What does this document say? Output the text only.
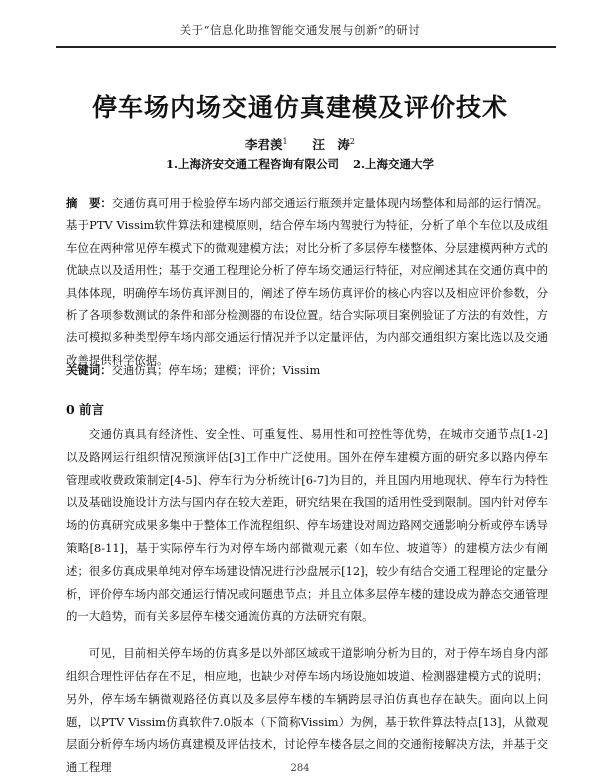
关于“信息化助推智能交通发展与创新”的研讨
停车场内场交通仿真建模及评价技术
李君羡$^1$ 汪　涛$^2$
1.上海济安交通工程咨询有限公司 2.上海交通大学
摘　要：交通仿真可用于检验停车场内部交通运行瓶颈并定量体现内场整体和局部的运行情况。基于PTV Vissim软件算法和建模原则，结合停车场内驾驶行为特征，分析了单个车位以及成组车位在两种常见停车模式下的微观建模方法；对比分析了多层停车楼整体、分层建模两种方式的优缺点以及适用性；基于交通工程理论分析了停车场交通运行特征，对应阐述其在交通仿真中的具体体现，明确停车场仿真评测目的，阐述了停车场仿真评价的核心内容以及相应评价参数，分析了各项参数测试的条件和部分检测器的布设位置。结合实际项目案例验证了方法的有效性，方法可模拟多种类型停车场内部交通运行情况并予以定量评估，为内部交通组织方案比选以及交通改善提供科学依据。
关键词：交通仿真；停车场；建模；评价；Vissim
0 前言

交通仿真具有经济性、安全性、可重复性、易用性和可控性等优势，在城市交通节点[1-2]以及路网运行组织情况预演评估[3]工作中广泛使用。国外在停车建模方面的研究多以路内停车管理或收费政策制定[4-5]、停车行为分析统计[6-7]为目的，并且国内用地现状、停车行为特性以及基础设施设计方法与国内存在较大差距，研究结果在我国的适用性受到限制。国内针对停车场的仿真研究成果多集中于整体工作流程组织、停车场建设对周边路网交通影响分析或停车诱导策略[8-11]，基于实际停车行为对停车场内部微观元素（如车位、坡道等）的建模方法少有阐述；很多仿真成果单纯对停车场建设情况进行沙盘展示[12]，较少有结合交通工程理论的定量分析，评价停车场内部交通运行情况或问题患节点；并且立体多层停车楼的建设成为静态交通管理的一大趋势，而有关多层停车楼交通流仿真的方法研究有限。

可见，目前相关停车场的仿真多是以外部区域或干道影响分析为目的，对于停车场自身内部组织合理性评估存在不足，相应地，也缺少对停车场内场设施如坡道、检测器建模方式的说明；另外，停车场车辆微观路径仿真以及多层停车楼的车辆跨层寻泊仿真也存在缺失。面向以上问题，以PTV Vissim仿真软件7.0版本（下简称Vissim）为例，基于软件算法特点[13]，从微观层面分析停车场内场仿真建模及评估技术，讨论停车楼各层之间的交通衔接解决方法，并基于交通工程理	284
